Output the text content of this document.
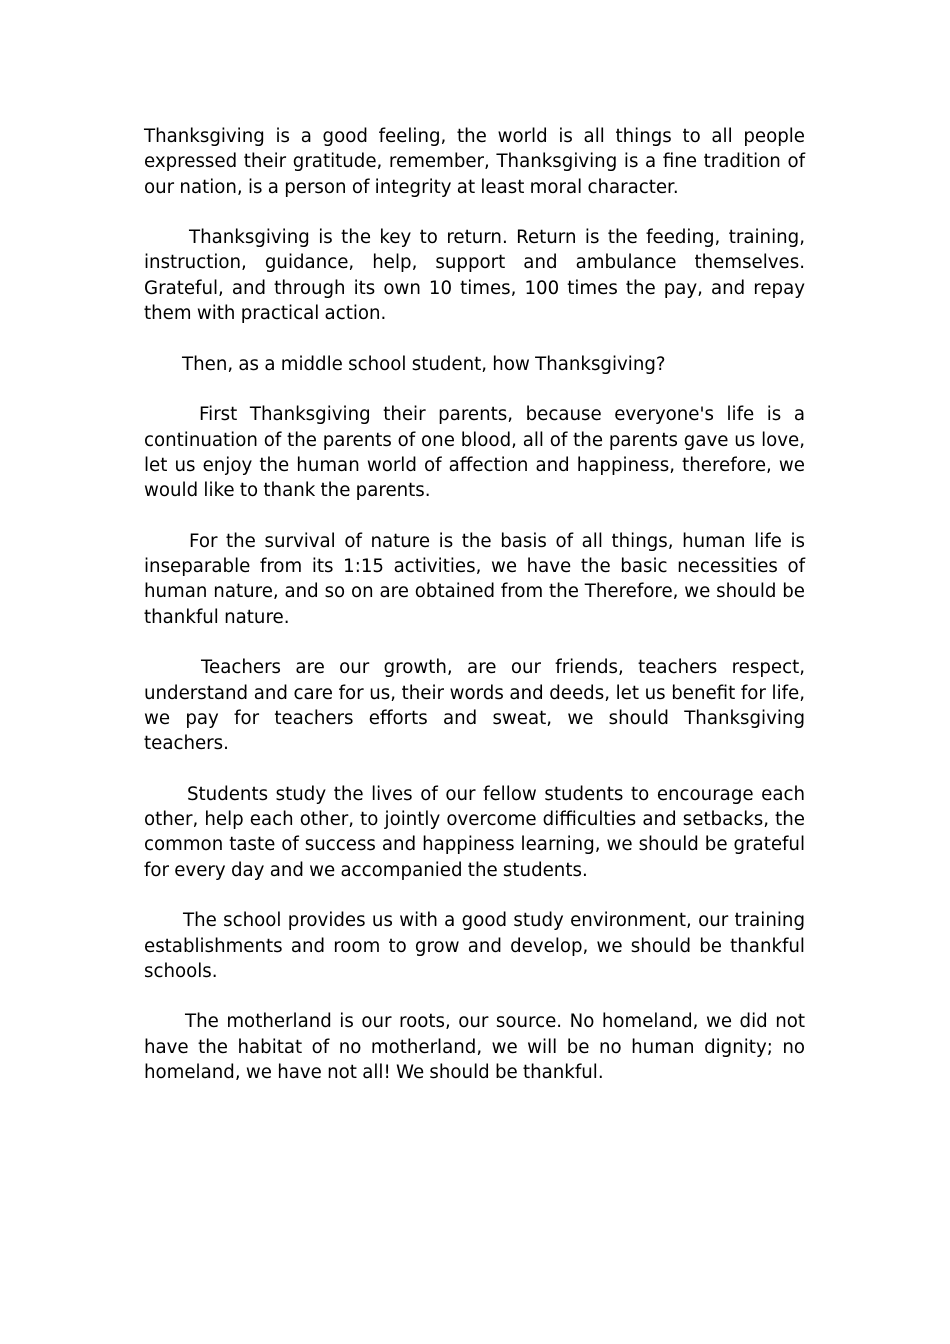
Thanksgiving is a good feeling, the world is all things to all people expressed their gratitude, remember, Thanksgiving is a fine tradition of our nation, is a person of integrity at least moral character.

Thanksgiving is the key to return. Return is the feeding, training, instruction, guidance, help, support and ambulance themselves. Grateful, and through its own 10 times, 100 times the pay, and repay them with practical action.

Then, as a middle school student, how Thanksgiving?

First Thanksgiving their parents, because everyone's life is a continuation of the parents of one blood, all of the parents gave us love, let us enjoy the human world of affection and happiness, therefore, we would like to thank the parents.

For the survival of nature is the basis of all things, human life is inseparable from its 1:15 activities, we have the basic necessities of human nature, and so on are obtained from the Therefore, we should be thankful nature.

Teachers are our growth, are our friends, teachers respect, understand and care for us, their words and deeds, let us benefit for life, we pay for teachers efforts and sweat, we should Thanksgiving teachers.

Students study the lives of our fellow students to encourage each other, help each other, to jointly overcome difficulties and setbacks, the common taste of success and happiness learning, we should be grateful for every day and we accompanied the students.

The school provides us with a good study environment, our training establishments and room to grow and develop, we should be thankful schools.

The motherland is our roots, our source. No homeland, we did not have the habitat of no motherland, we will be no human dignity; no homeland, we have not all! We should be thankful.
